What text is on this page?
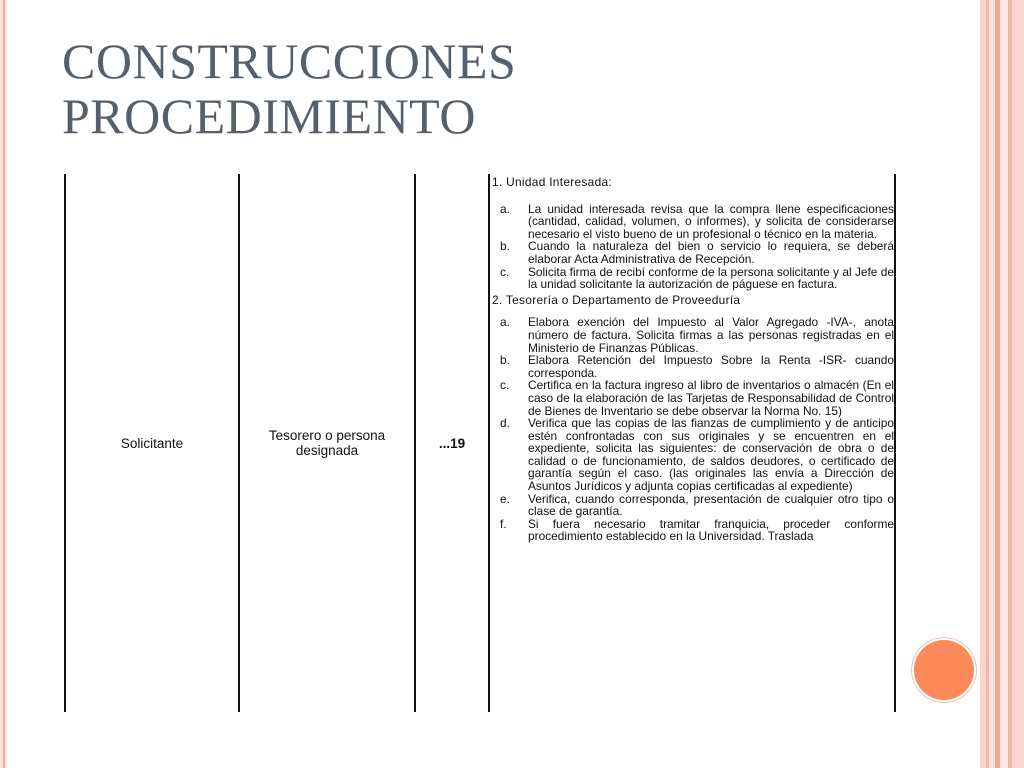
CONSTRUCCIONES
PROCEDIMIENTO
Solicitante	Tesorero o persona designada	...19
1. Unidad Interesada:
a. La unidad interesada revisa que la compra llene especificaciones (cantidad, calidad, volumen, o informes), y solicita de considerarse necesario el visto bueno de un profesional o técnico en la materia.
b. Cuando la naturaleza del bien o servicio lo requiera, se deberá elaborar Acta Administrativa de Recepción.
c. Solicita firma de recibí conforme de la persona solicitante y al Jefe de la unidad solicitante la autorización de páguese en factura.
2. Tesorería o Departamento de Proveeduría
a. Elabora exención del Impuesto al Valor Agregado -IVA-, anota número de factura. Solicita firmas a las personas registradas en el Ministerio de Finanzas Públicas.
b. Elabora Retención del Impuesto Sobre la Renta -ISR- cuando corresponda.
c. Certifica en la factura ingreso al libro de inventarios o almacén (En el caso de la elaboración de las Tarjetas de Responsabilidad de Control de Bienes de Inventario se debe observar la Norma No. 15)
d. Verifica que las copias de las fianzas de cumplimiento y de anticipo estén confrontadas con sus originales y se encuentren en el expediente, solicita las siguientes: de conservación de obra o de calidad o de funcionamiento, de saldos deudores, o certificado de garantía según el caso. (las originales las envía a Dirección de Asuntos Jurídicos y adjunta copias certificadas al expediente)
e. Verifica, cuando corresponda, presentación de cualquier otro tipo o clase de garantía.
f. Si fuera necesario tramitar franquicia, proceder conforme procedimiento establecido en la Universidad. Traslada
